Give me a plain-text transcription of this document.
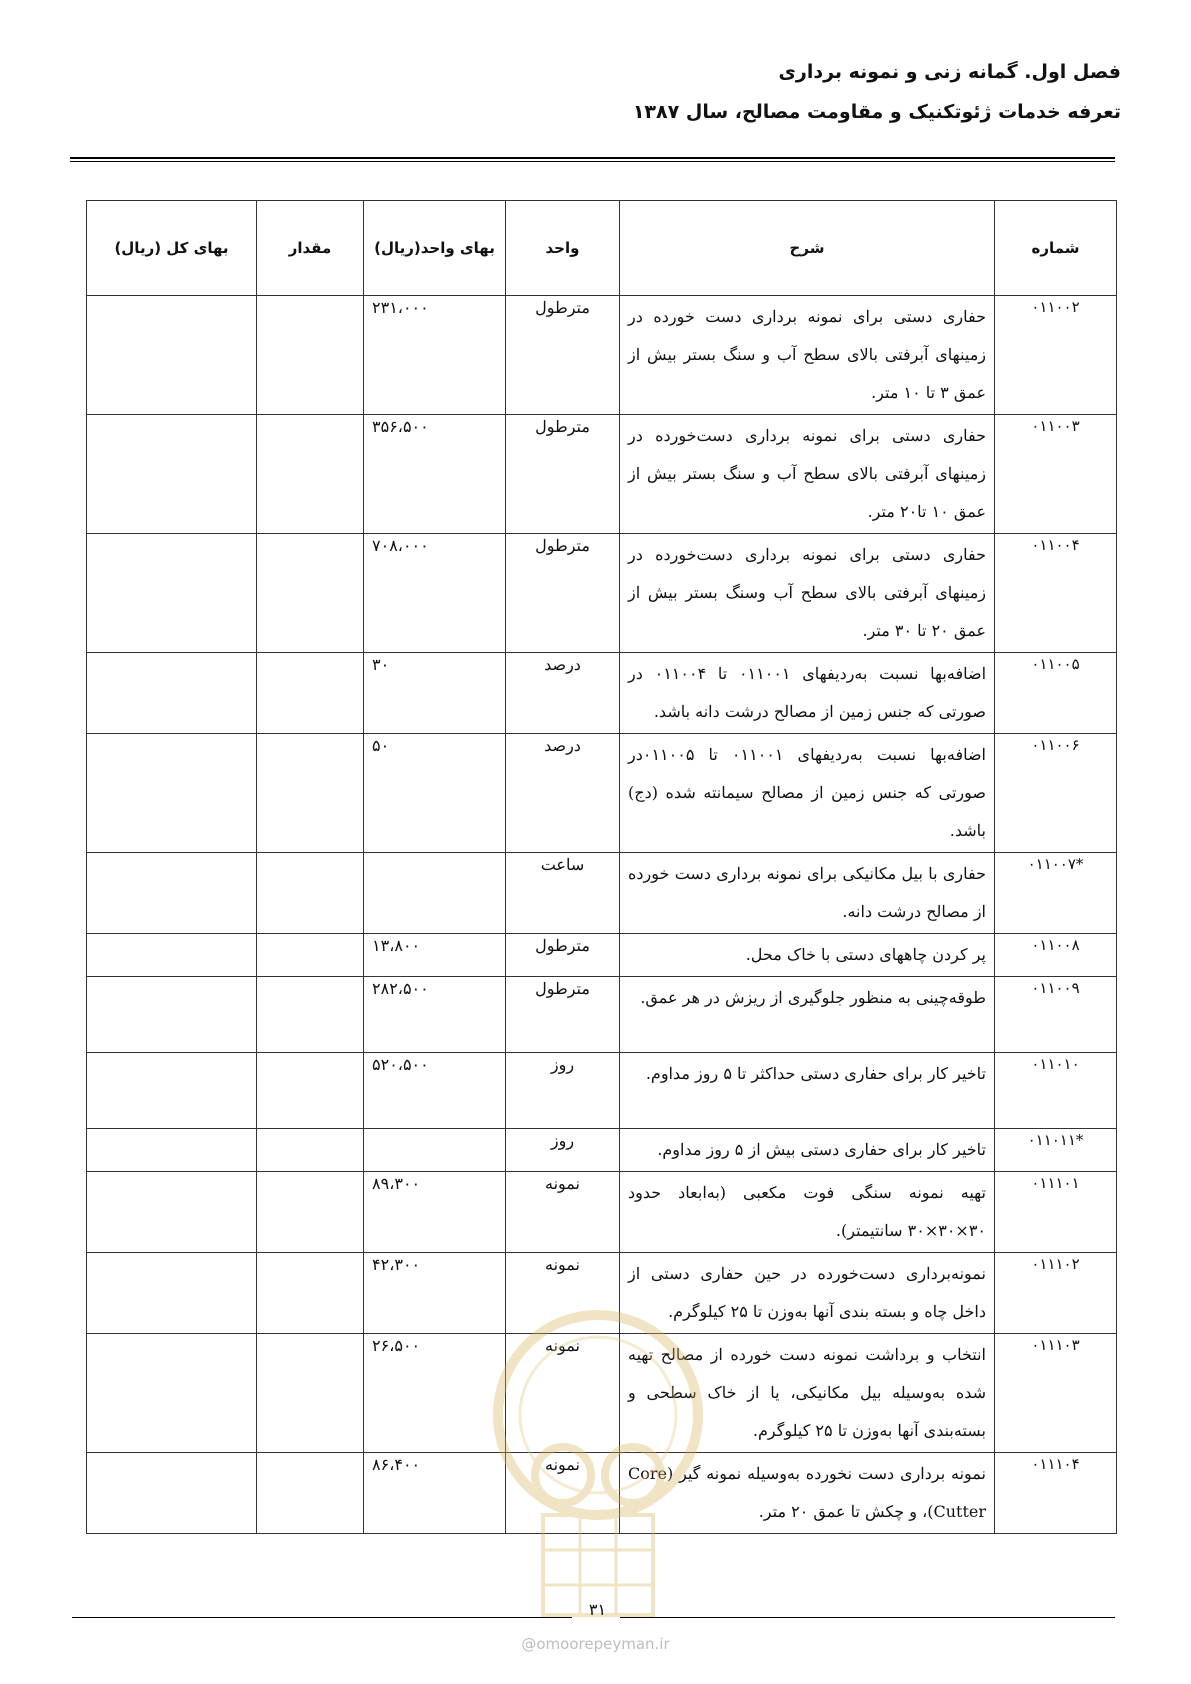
فصل اول. گمانه زنی و نمونه برداری
تعرفه خدمات ژئوتکنیک و مقاومت مصالح، سال ۱۳۸۷
شماره	شرح	واحد	بهای واحد(ریال)	مقدار	بهای کل (ریال)
۰۱۱۰۰۲	حفاری دستی برای نمونه برداری دست خورده در زمینهای آبرفتی بالای سطح آب و سنگ بستر بیش از عمق ۳ تا ۱۰ متر.	مترطول	۲۳۱،۰۰۰		
۰۱۱۰۰۳	حفاری دستی برای نمونه برداری دست‌خورده در زمینهای آبرفتی بالای سطح آب و سنگ بستر بیش از عمق ۱۰ تا۲۰ متر.	مترطول	۳۵۶،۵۰۰		
۰۱۱۰۰۴	حفاری دستی برای نمونه برداری دست‌خورده در زمینهای آبرفتی بالای سطح آب وسنگ بستر بیش از عمق ۲۰ تا ۳۰ متر.	مترطول	۷۰۸،۰۰۰		
۰۱۱۰۰۵	اضافه‌بها نسبت به‌ردیفهای ۰۱۱۰۰۱ تا ۰۱۱۰۰۴ در صورتی که جنس زمین از مصالح درشت دانه باشد.	درصد	۳۰		
۰۱۱۰۰۶	اضافه‌بها نسبت به‌ردیفهای ۰۱۱۰۰۱ تا ۰۱۱۰۰۵در صورتی که جنس زمین از مصالح سیمانته شده (دج) باشد.	درصد	۵۰		
*۰۱۱۰۰۷	حفاری با بیل مکانیکی برای نمونه برداری دست خورده از مصالح درشت دانه.	ساعت			
۰۱۱۰۰۸	پر کردن چاههای دستی با خاک محل.	مترطول	۱۳،۸۰۰		
۰۱۱۰۰۹	طوقه‌چینی به منظور جلوگیری از ریزش در هر عمق.	مترطول	۲۸۲،۵۰۰		
۰۱۱۰۱۰	تاخیر کار برای حفاری دستی حداکثر تا ۵ روز مداوم.	روز	۵۲۰،۵۰۰		
*۰۱۱۰۱۱	تاخیر کار برای حفاری دستی بیش از ۵ روز مداوم.	روز			
۰۱۱۱۰۱	تهیه نمونه سنگی فوت مکعبی (به‌ابعاد حدود ۳۰×۳۰×۳۰ سانتیمتر).	نمونه	۸۹،۳۰۰		
۰۱۱۱۰۲	نمونه‌برداری دست‌خورده در حین حفاری دستی از داخل چاه و بسته بندی آنها به‌وزن تا ۲۵ کیلوگرم.	نمونه	۴۲،۳۰۰		
۰۱۱۱۰۳	انتخاب و برداشت نمونه دست خورده از مصالح تهیه شده به‌وسیله بیل مکانیکی، یا از خاک سطحی و بسته‌بندی آنها به‌وزن تا ۲۵ کیلوگرم.	نمونه	۲۶،۵۰۰		
۰۱۱۱۰۴	نمونه برداری دست نخورده به‌وسیله نمونه گیر (Core Cutter)، و چکش تا عمق ۲۰ متر.	نمونه	۸۶،۴۰۰		
۳۱
@omoorepeyman.ir
